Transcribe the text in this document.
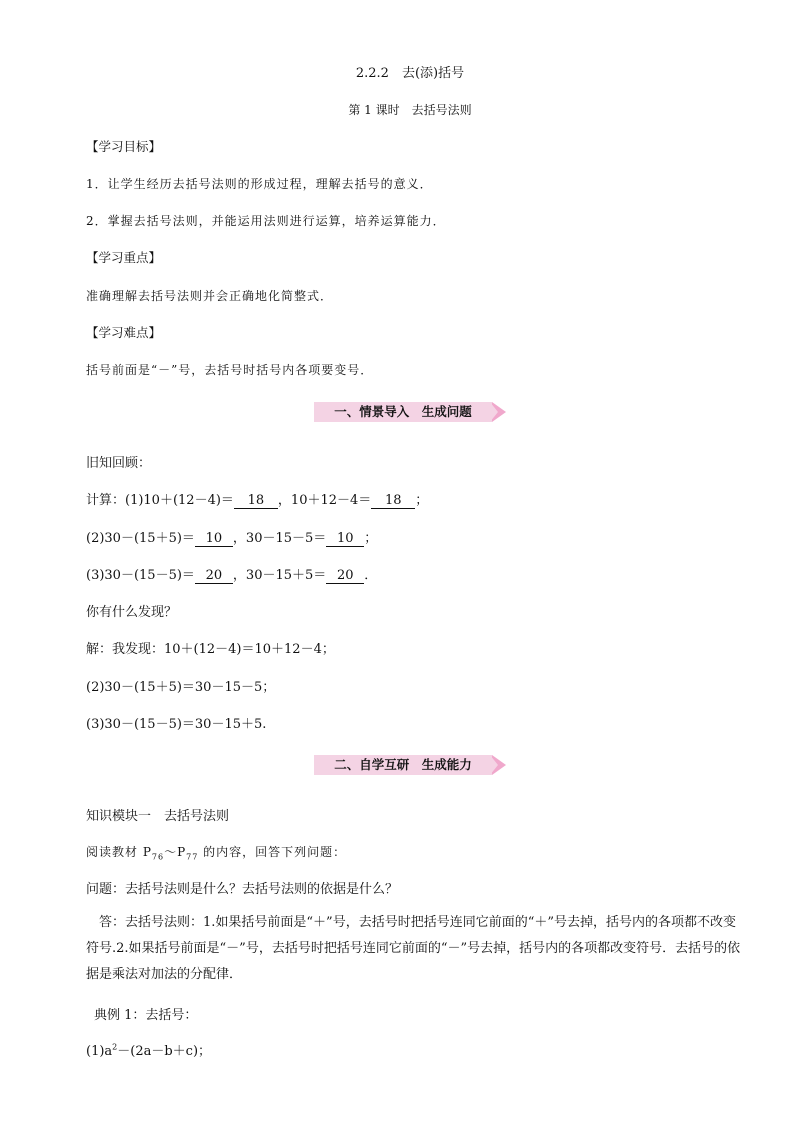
2.2.2　去(添)括号
第 1 课时　去括号法则
【学习目标】
1．让学生经历去括号法则的形成过程，理解去括号的意义．
2．掌握去括号法则，并能运用法则进行运算，培养运算能力．
【学习重点】
准确理解去括号法则并会正确地化简整式．
【学习难点】
括号前面是“－”号，去括号时括号内各项要变号．
一、情景导入　生成问题
旧知回顾：
计算：(1)10＋(12－4)＝ 18 ，10＋12－4＝ 18 ；
(2)30－(15＋5)＝ 10 ，30－15－5＝ 10 ；
(3)30－(15－5)＝ 20 ，30－15＋5＝ 20 ．
你有什么发现？
解：我发现：10＋(12－4)＝10＋12－4；
(2)30－(15＋5)＝30－15－5；
(3)30－(15－5)＝30－15＋5.
二、自学互研　生成能力
知识模块一　去括号法则
阅读教材 $P_{76}\sim P_{77}$ 的内容，回答下列问题：
问题：去括号法则是什么？去括号法则的依据是什么？
答：去括号法则：1.如果括号前面是“＋”号，去括号时把括号连同它前面的“＋”号去掉，括号内的各项都不改变符号.2.如果括号前面是“－”号，去括号时把括号连同它前面的“－”号去掉，括号内的各项都改变符号．去括号的依据是乘法对加法的分配律．
典例 1：去括号：
$(1)a^2-(2a-b+c)$；
